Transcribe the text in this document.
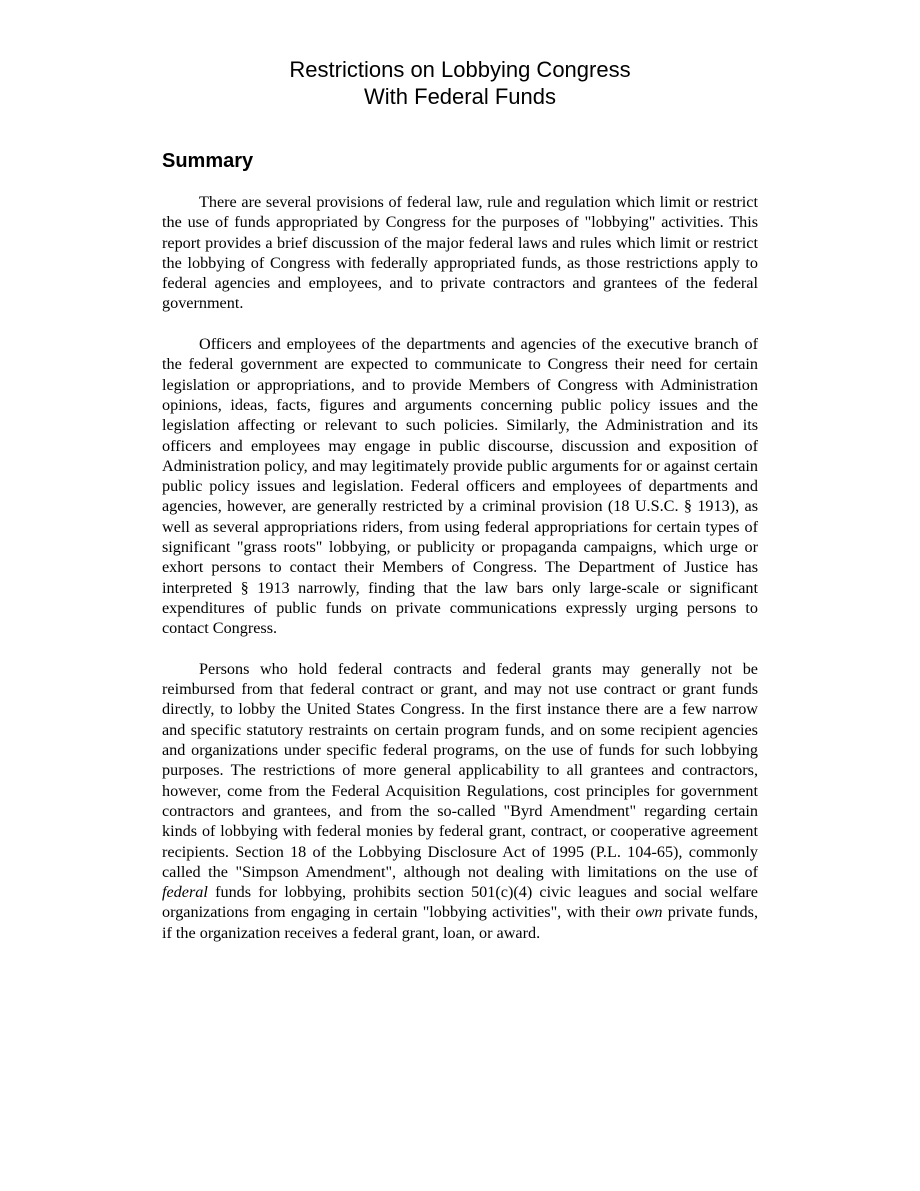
Restrictions on Lobbying Congress
With Federal Funds
Summary

There are several provisions of federal law, rule and regulation which limit or restrict the use of funds appropriated by Congress for the purposes of "lobbying" activities. This report provides a brief discussion of the major federal laws and rules which limit or restrict the lobbying of Congress with federally appropriated funds, as those restrictions apply to federal agencies and employees, and to private contractors and grantees of the federal government.

Officers and employees of the departments and agencies of the executive branch of the federal government are expected to communicate to Congress their need for certain legislation or appropriations, and to provide Members of Congress with Administration opinions, ideas, facts, figures and arguments concerning public policy issues and the legislation affecting or relevant to such policies. Similarly, the Administration and its officers and employees may engage in public discourse, discussion and exposition of Administration policy, and may legitimately provide public arguments for or against certain public policy issues and legislation. Federal officers and employees of departments and agencies, however, are generally restricted by a criminal provision (18 U.S.C. § 1913), as well as several appropriations riders, from using federal appropriations for certain types of significant "grass roots" lobbying, or publicity or propaganda campaigns, which urge or exhort persons to contact their Members of Congress. The Department of Justice has interpreted § 1913 narrowly, finding that the law bars only large-scale or significant expenditures of public funds on private communications expressly urging persons to contact Congress.

Persons who hold federal contracts and federal grants may generally not be reimbursed from that federal contract or grant, and may not use contract or grant funds directly, to lobby the United States Congress. In the first instance there are a few narrow and specific statutory restraints on certain program funds, and on some recipient agencies and organizations under specific federal programs, on the use of funds for such lobbying purposes. The restrictions of more general applicability to all grantees and contractors, however, come from the Federal Acquisition Regulations, cost principles for government contractors and grantees, and from the so-called "Byrd Amendment" regarding certain kinds of lobbying with federal monies by federal grant, contract, or cooperative agreement recipients. Section 18 of the Lobbying Disclosure Act of 1995 (P.L. 104-65), commonly called the "Simpson Amendment", although not dealing with limitations on the use of federal funds for lobbying, prohibits section 501(c)(4) civic leagues and social welfare organizations from engaging in certain "lobbying activities", with their own private funds, if the organization receives a federal grant, loan, or award.
